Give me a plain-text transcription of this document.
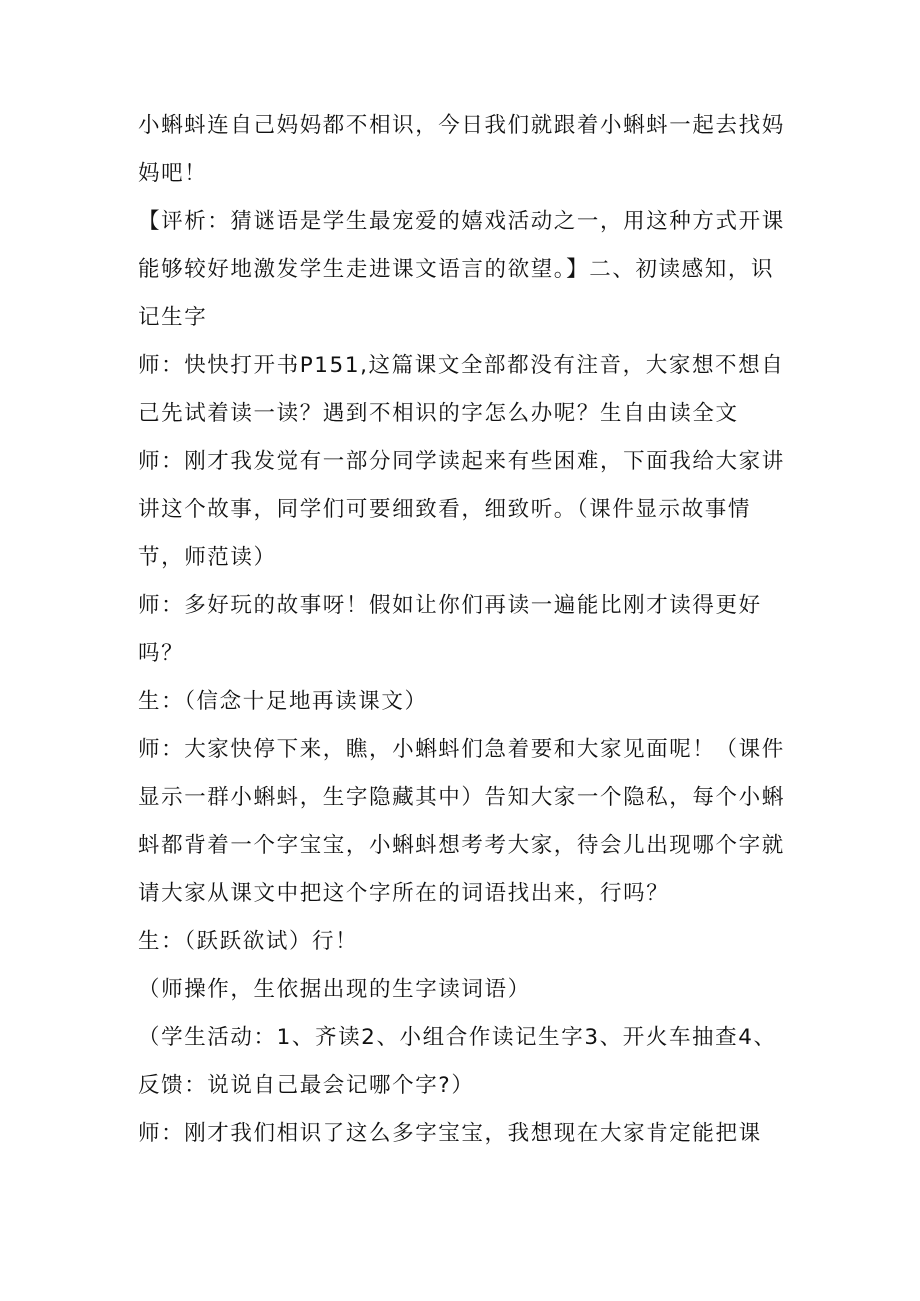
小蝌蚪连自己妈妈都不相识，今日我们就跟着小蝌蚪一起去找妈妈吧！

【评析：猜谜语是学生最宠爱的嬉戏活动之一，用这种方式开课能够较好地激发学生走进课文语言的欲望。】二、初读感知，识记生字

师：快快打开书P151,这篇课文全部都没有注音，大家想不想自己先试着读一读？遇到不相识的字怎么办呢？生自由读全文

师：刚才我发觉有一部分同学读起来有些困难，下面我给大家讲讲这个故事，同学们可要细致看，细致听。（课件显示故事情节，师范读）

师：多好玩的故事呀！假如让你们再读一遍能比刚才读得更好吗？

生：（信念十足地再读课文）

师：大家快停下来，瞧，小蝌蚪们急着要和大家见面呢！（课件显示一群小蝌蚪，生字隐藏其中）告知大家一个隐私，每个小蝌蚪都背着一个字宝宝，小蝌蚪想考考大家，待会儿出现哪个字就请大家从课文中把这个字所在的词语找出来，行吗？

生：（跃跃欲试）行！

（师操作，生依据出现的生字读词语）

（学生活动：1、齐读2、小组合作读记生字3、开火车抽查4、反馈：说说自己最会记哪个字?）

师：刚才我们相识了这么多字宝宝，我想现在大家肯定能把课
